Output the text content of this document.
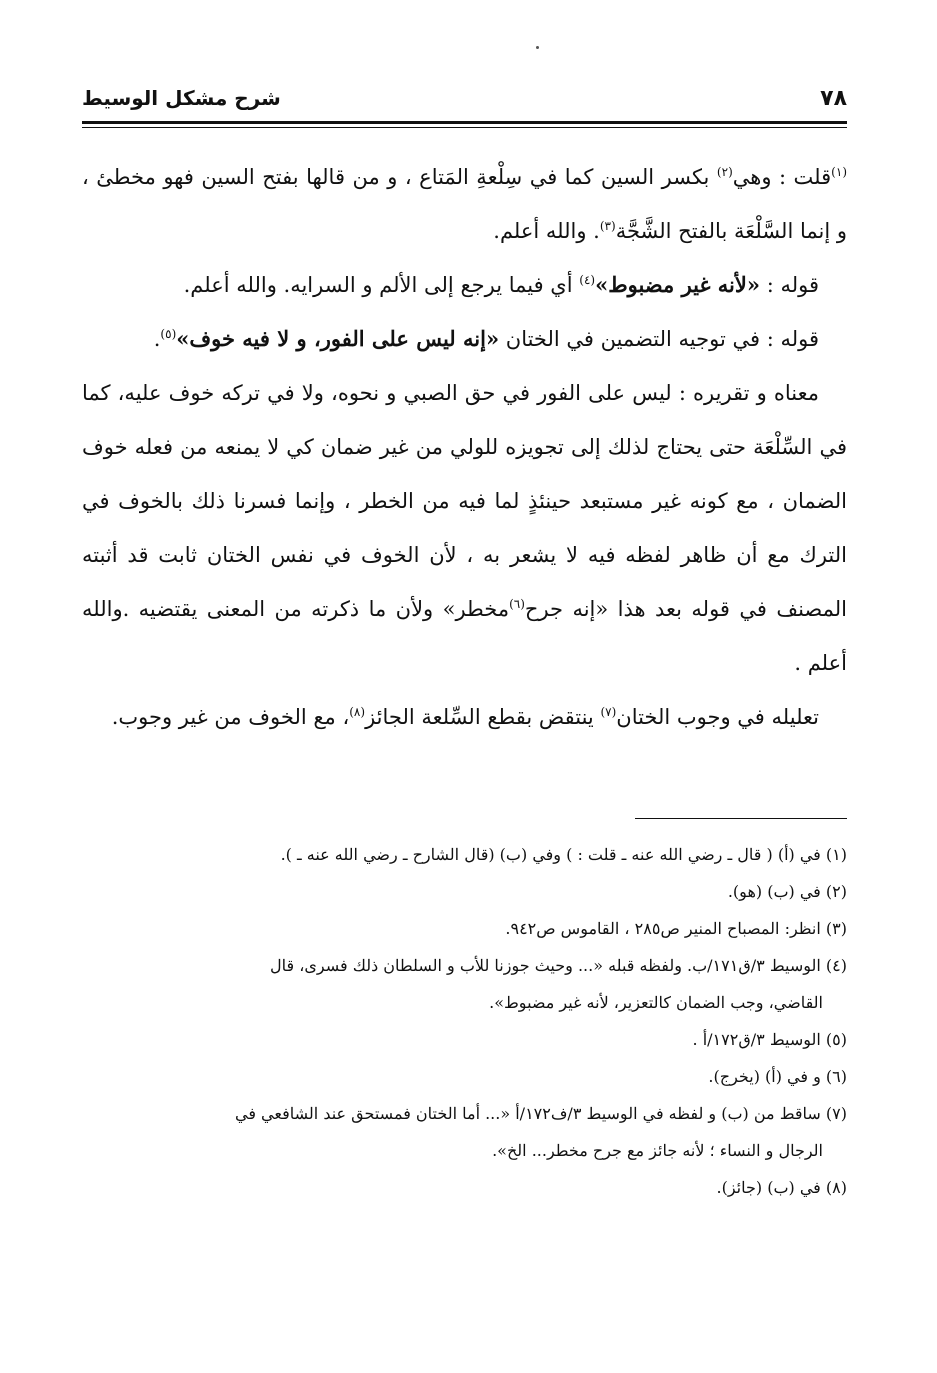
٧٨
شرح مشكل الوسيط

$^{(١)}$قلت : وهي$^{(٢)}$ بكسر السين كما في سِلْعةِ المَتاع ، و من قالها بفتح السين فهو مخطئ ، و إنما السَّلْعَة بالفتح الشَّجَّة$^{(٣)}$. والله أعلم.

قوله : «لأنه غير مضبوط»$^{(٤)}$ أي فيما يرجع إلى الألم و السرايه. والله أعلم.

قوله : في توجيه التضمين في الختان «إنه ليس على الفور، و لا فيه خوف»$^{(٥)}$.

معناه و تقريره : ليس على الفور في حق الصبي و نحوه، ولا في تركه خوف عليه، كما في السِّلْعَة حتى يحتاج لذلك إلى تجويزه للولي من غير ضمان كي لا يمنعه من فعله خوف الضمان ، مع كونه غير مستبعد حينئذٍ لما فيه من الخطر ، وإنما فسرنا ذلك بالخوف في الترك مع أن ظاهر لفظه فيه لا يشعر به ، لأن الخوف في نفس الختان ثابت قد أثبته المصنف في قوله بعد هذا «إنه جرح$^{(٦)}$مخطر» ولأن ما ذكرته من المعنى يقتضيه .والله أعلم .

تعليله في وجوب الختان$^{(٧)}$ ينتقض بقطع السِّلعة الجائز$^{(٨)}$، مع الخوف من غير وجوب.

(١) في (أ) ( قال ـ رضي الله عنه ـ قلت : ) وفي (ب) (قال الشارح ـ رضي الله عنه ـ ).

(٢) في (ب) (هو).

(٣) انظر: المصباح المنير ص٢٨٥ ، القاموس ص٩٤٢.

(٤) الوسيط ٣/ق١٧١/ب. ولفظه قبله «... وحيث جوزنا للأب و السلطان ذلك فسرى، قال
القاضي، وجب الضمان كالتعزير، لأنه غير مضبوط».

(٥) الوسيط ٣/ق١٧٢/أ .

(٦) و في (أ) (يخرج).

(٧) ساقط من (ب) و لفظه في الوسيط ٣/ف١٧٢/أ «... أما الختان فمستحق عند الشافعي في
الرجال و النساء ؛ لأنه جائز مع جرح مخطر... الخ».

(٨) في (ب) (جائز).
